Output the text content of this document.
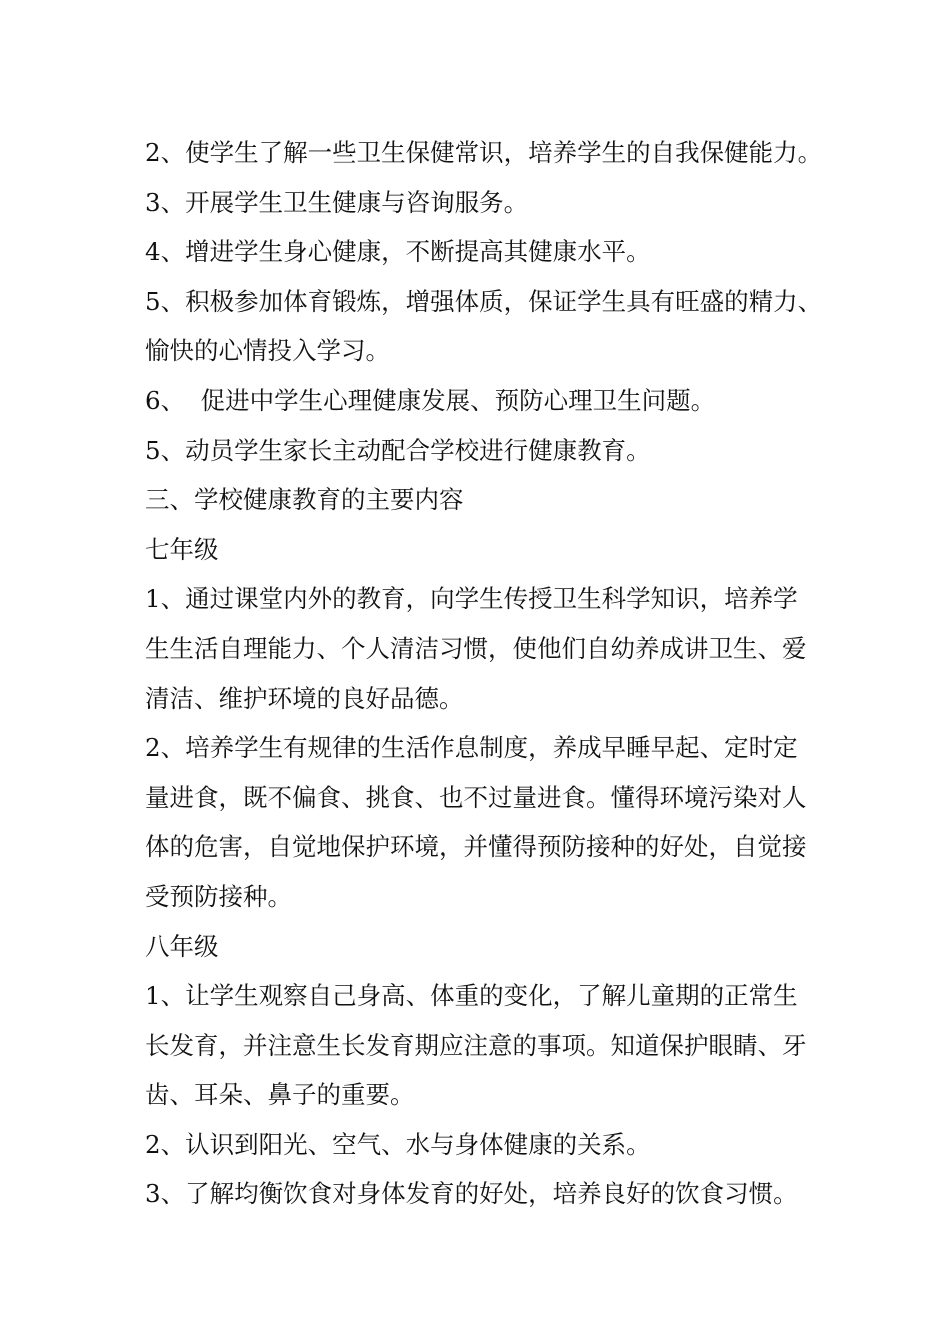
2、使学生了解一些卫生保健常识，培养学生的自我保健能力。
3、开展学生卫生健康与咨询服务。
4、增进学生身心健康，不断提高其健康水平。
5、积极参加体育锻炼，增强体质，保证学生具有旺盛的精力、
愉快的心情投入学习。
6、  促进中学生心理健康发展、预防心理卫生问题。
5、动员学生家长主动配合学校进行健康教育。
三、学校健康教育的主要内容
七年级
1、通过课堂内外的教育，向学生传授卫生科学知识，培养学
生生活自理能力、个人清洁习惯，使他们自幼养成讲卫生、爱
清洁、维护环境的良好品德。
2、培养学生有规律的生活作息制度，养成早睡早起、定时定
量进食，既不偏食、挑食、也不过量进食。懂得环境污染对人
体的危害，自觉地保护环境，并懂得预防接种的好处，自觉接
受预防接种。
八年级
1、让学生观察自己身高、体重的变化，了解儿童期的正常生
长发育，并注意生长发育期应注意的事项。知道保护眼睛、牙
齿、耳朵、鼻子的重要。
2、认识到阳光、空气、水与身体健康的关系。
3、了解均衡饮食对身体发育的好处，培养良好的饮食习惯。
